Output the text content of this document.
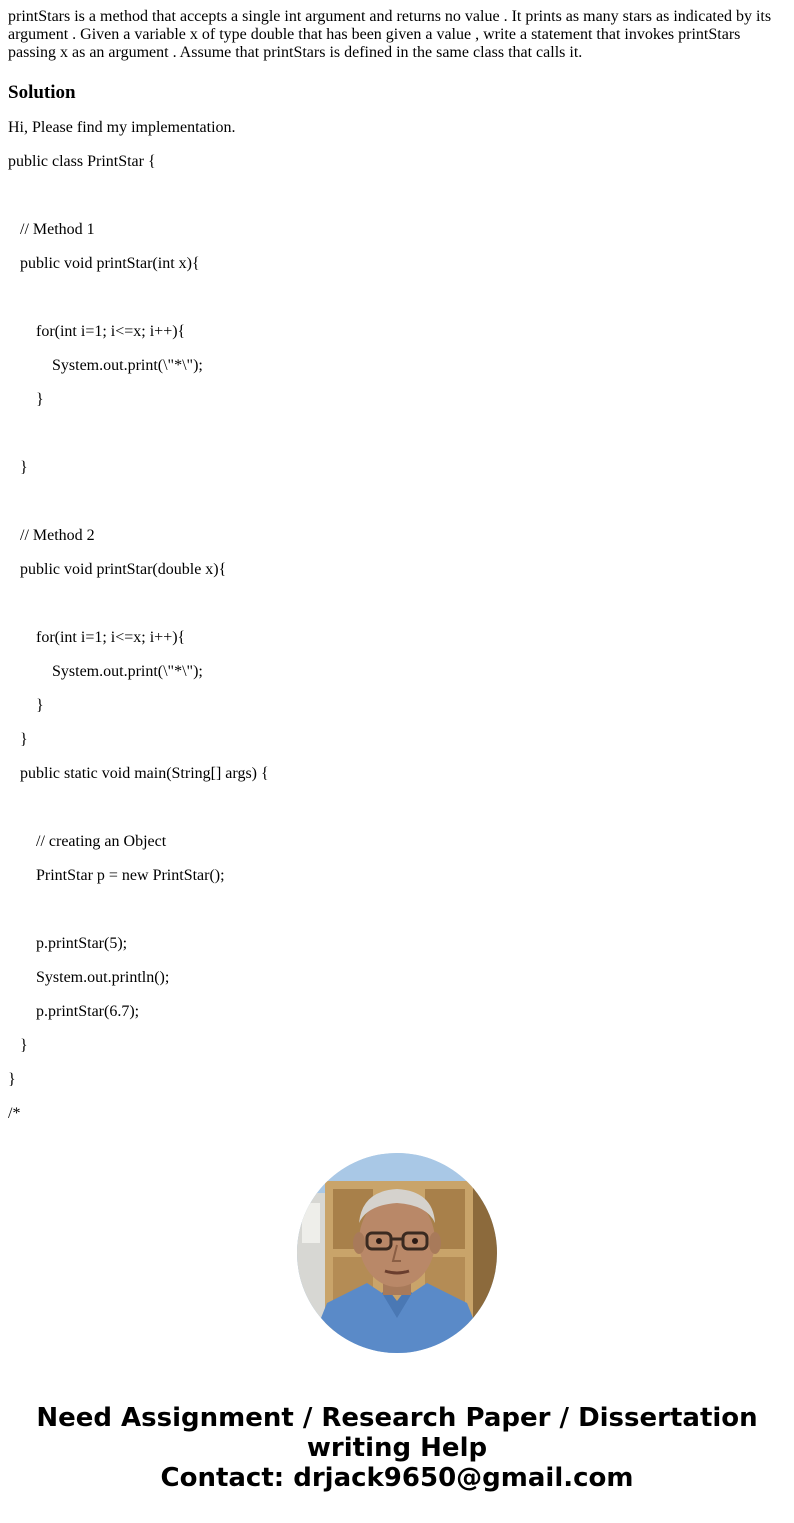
printStars is a method that accepts a single int argument and returns no value . It prints as many stars as indicated by its argument . Given a variable x of type double that has been given a value , write a statement that invokes printStars passing x as an argument . Assume that printStars is defined in the same class that calls it.

Solution
Hi, Please find my implementation.
public class PrintStar {
// Method 1
public void printStar(int x){
for(int i=1; i<=x; i++){
System.out.print(\"*\");
}
}
// Method 2
public void printStar(double x){
for(int i=1; i<=x; i++){
System.out.print(\"*\");
}
}
public static void main(String[] args) {
// creating an Object
PrintStar p = new PrintStar();
p.printStar(5);
System.out.println();
p.printStar(6.7);
}
}
/*
Need Assignment / Research Paper / Dissertation
writing Help
Contact: drjack9650@gmail.com
